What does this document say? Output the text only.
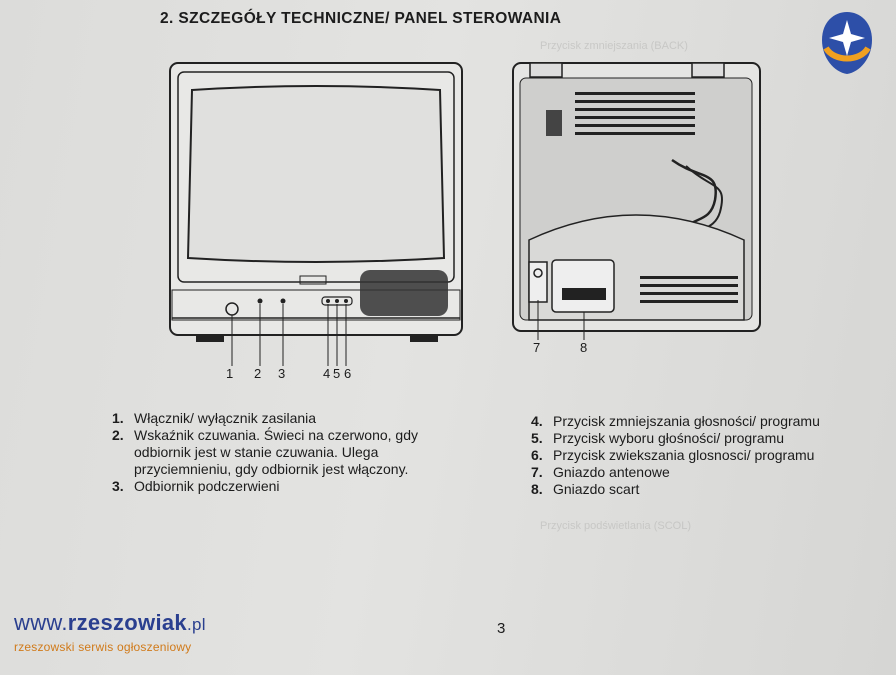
2. SZCZEGÓŁY TECHNICZNE/ PANEL STEROWANIA
1 2 3	4 5 6
7	8
Przycisk zmniejszania (BACK)
Przycisk podświetlania (SCOL)
1. Włącznik/ wyłącznik zasilania
2. Wskaźnik czuwania. Świeci na czerwono, gdy
odbiornik jest w stanie czuwania. Ulega
przyciemnieniu, gdy odbiornik jest włączony.
3. Odbiornik podczerwieni
4. Przycisk zmniejszania głosności/ programu
5. Przycisk wyboru głośności/ programu
6. Przycisk zwiekszania glosnosci/ programu
7. Gniazdo antenowe
8. Gniazdo scart
3
www.rzeszowiak.pl
rzeszowski serwis ogłoszeniowy
